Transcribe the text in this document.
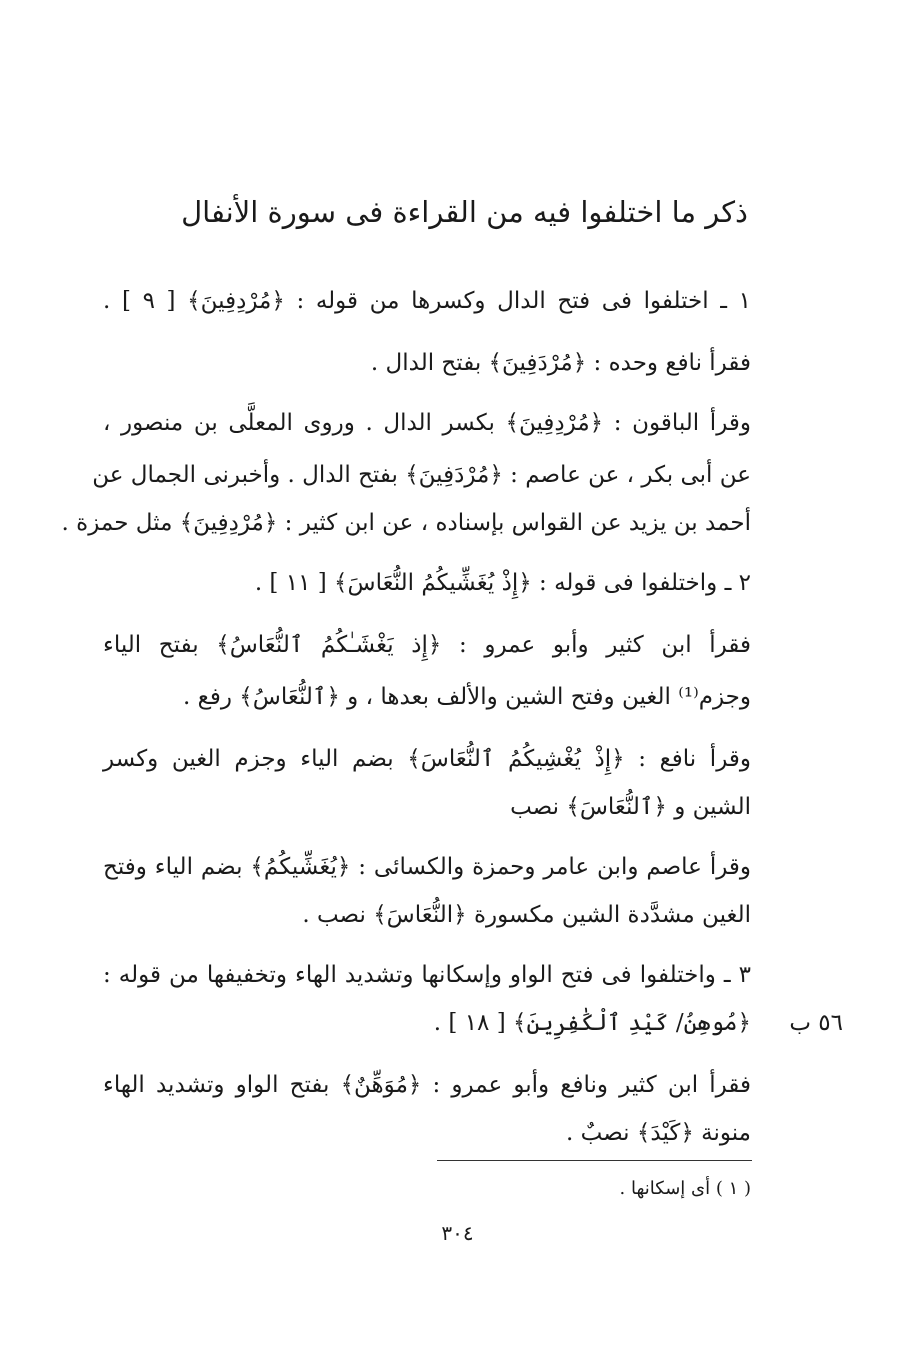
ذكر ما اختلفوا فيه من القراءة فى سورة الأنفال
١ ـ اختلفوا فى فتح الدال وكسرها من قوله : ﴿مُرْدِفِينَ﴾ [ ٩ ] .
فقرأ نافع وحده : ﴿مُرْدَفِينَ﴾ بفتح الدال .
وقرأ الباقون : ﴿مُرْدِفِينَ﴾ بكسر الدال . وروى المعلَّى بن منصور ،
عن أبى بكر ، عن عاصم : ﴿مُرْدَفِينَ﴾ بفتح الدال . وأخبرنى الجمال عن
أحمد بن يزيد عن القواس بإسناده ، عن ابن كثير : ﴿مُرْدِفِينَ﴾ مثل حمزة .
٢ ـ واختلفوا فى قوله : ﴿إِذْ يُغَشِّيكُمُ النُّعَاسَ﴾ [ ١١ ] .
فقرأ ابن كثير وأبو عمرو : ﴿إِذ يَغْشَـٰكُمُ ٱلنُّعَاسُ﴾ بفتح الياء
وجزم⁽¹⁾ الغين وفتح الشين والألف بعدها ، و ﴿ٱلنُّعَاسُ﴾ رفع .
وقرأ نافع : ﴿إِذْ يُغْشِيكُمُ ٱلنُّعَاسَ﴾ بضم الياء وجزم الغين وكسر
الشين و ﴿ٱلنُّعَاسَ﴾ نصب
وقرأ عاصم وابن عامر وحمزة والكسائى : ﴿يُغَشِّيكُمُ﴾ بضم الياء وفتح
الغين مشدَّدة الشين مكسورة ﴿النُّعَاسَ﴾ نصب .
٣ ـ واختلفوا فى فتح الواو وإسكانها وتشديد الهاء وتخفيفها من قوله :
٥٦ ب
﴿مُوهِنُ/ كَيْدِ ٱلْكَٰفِرِينَ﴾ [ ١٨ ] .
فقرأ ابن كثير ونافع وأبو عمرو : ﴿مُوَهِّنٌ﴾ بفتح الواو وتشديد الهاء
منونة ﴿كَيْدَ﴾ نصبٌ .
( ١ ) أى إسكانها .
٣٠٤
